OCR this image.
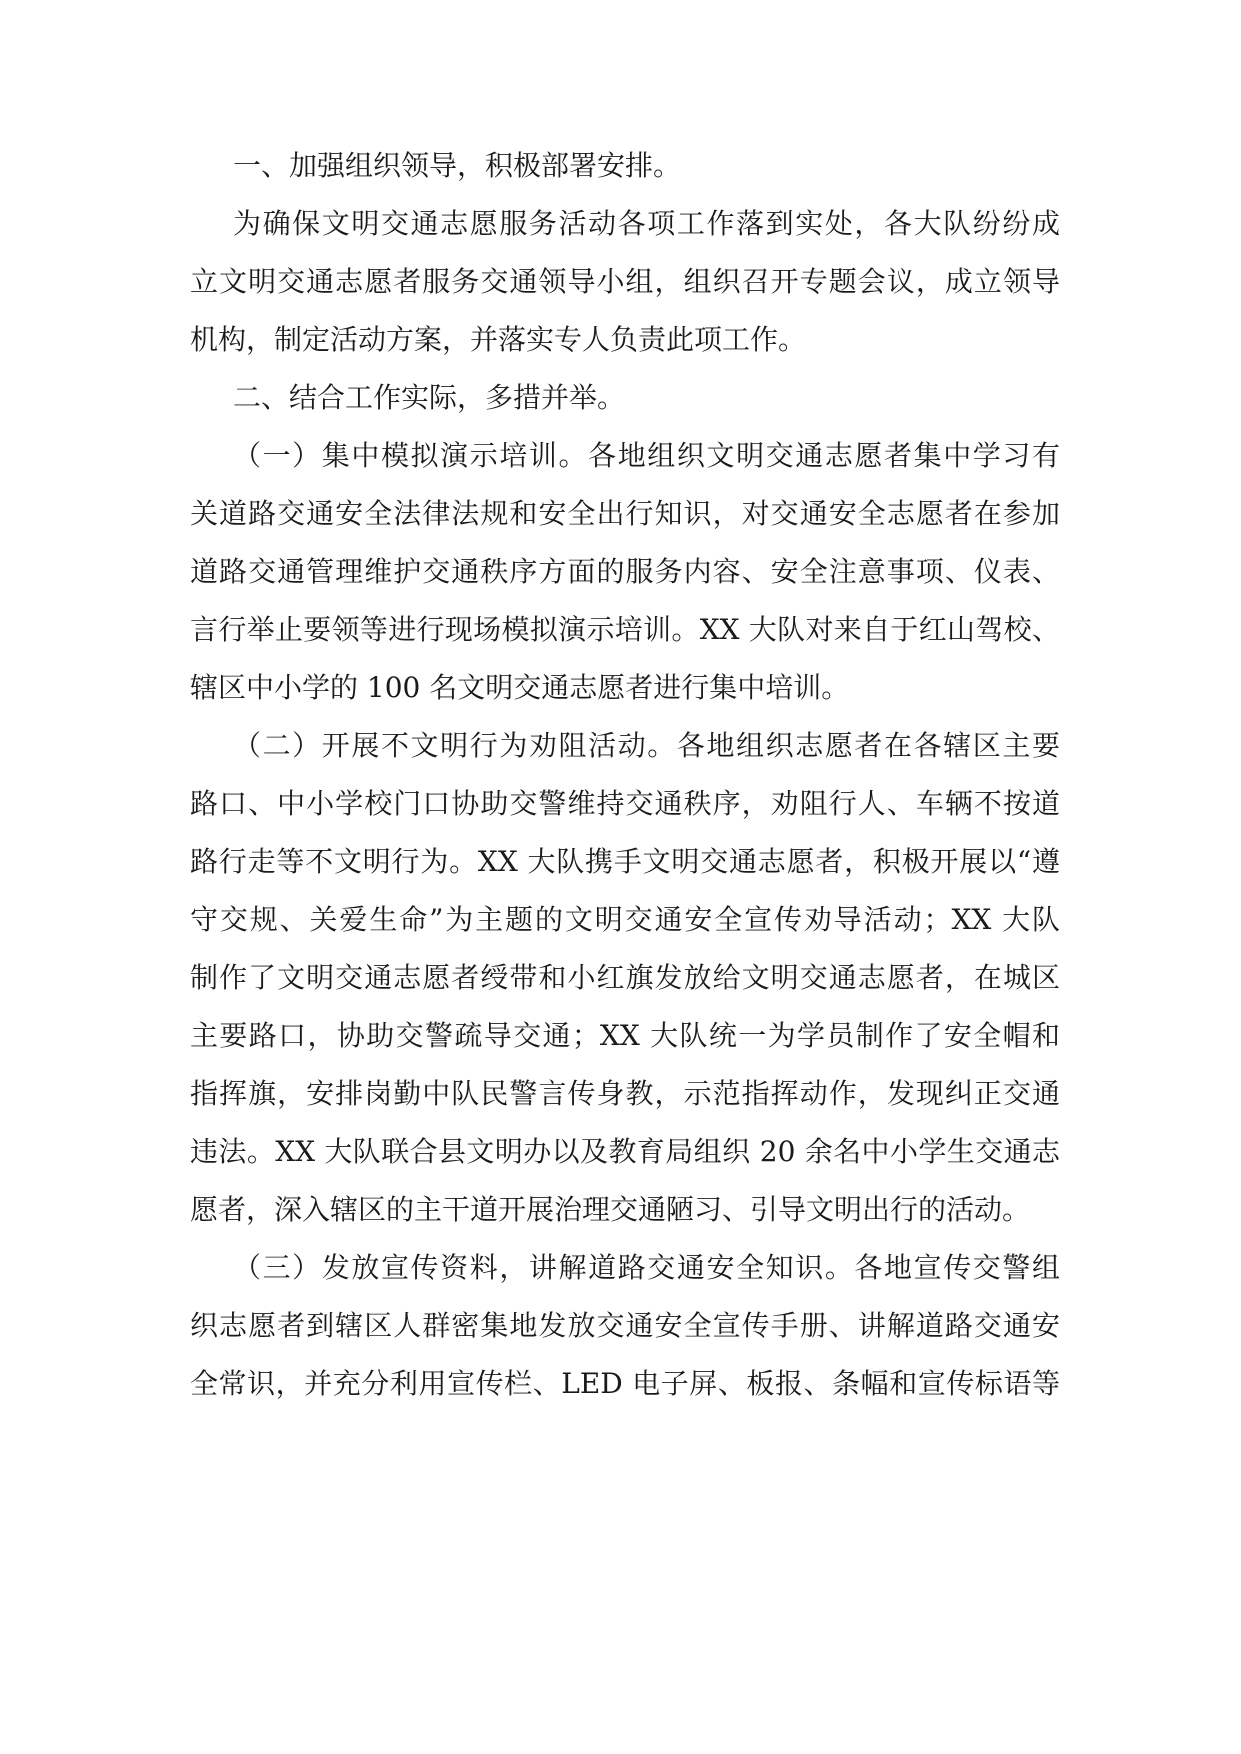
一、加强组织领导，积极部署安排。
为确保文明交通志愿服务活动各项工作落到实处，各大队纷纷成
立文明交通志愿者服务交通领导小组，组织召开专题会议，成立领导
机构，制定活动方案，并落实专人负责此项工作。
二、结合工作实际，多措并举。
（一）集中模拟演示培训。各地组织文明交通志愿者集中学习有
关道路交通安全法律法规和安全出行知识，对交通安全志愿者在参加
道路交通管理维护交通秩序方面的服务内容、安全注意事项、仪表、
言行举止要领等进行现场模拟演示培训。XX 大队对来自于红山驾校、
辖区中小学的 100 名文明交通志愿者进行集中培训。
（二）开展不文明行为劝阻活动。各地组织志愿者在各辖区主要
路口、中小学校门口协助交警维持交通秩序，劝阻行人、车辆不按道
路行走等不文明行为。XX 大队携手文明交通志愿者，积极开展以“遵
守交规、关爱生命”为主题的文明交通安全宣传劝导活动；XX 大队
制作了文明交通志愿者绶带和小红旗发放给文明交通志愿者，在城区
主要路口，协助交警疏导交通；XX 大队统一为学员制作了安全帽和
指挥旗，安排岗勤中队民警言传身教，示范指挥动作，发现纠正交通
违法。XX 大队联合县文明办以及教育局组织 20 余名中小学生交通志
愿者，深入辖区的主干道开展治理交通陋习、引导文明出行的活动。
（三）发放宣传资料，讲解道路交通安全知识。各地宣传交警组
织志愿者到辖区人群密集地发放交通安全宣传手册、讲解道路交通安
全常识，并充分利用宣传栏、LED 电子屏、板报、条幅和宣传标语等
